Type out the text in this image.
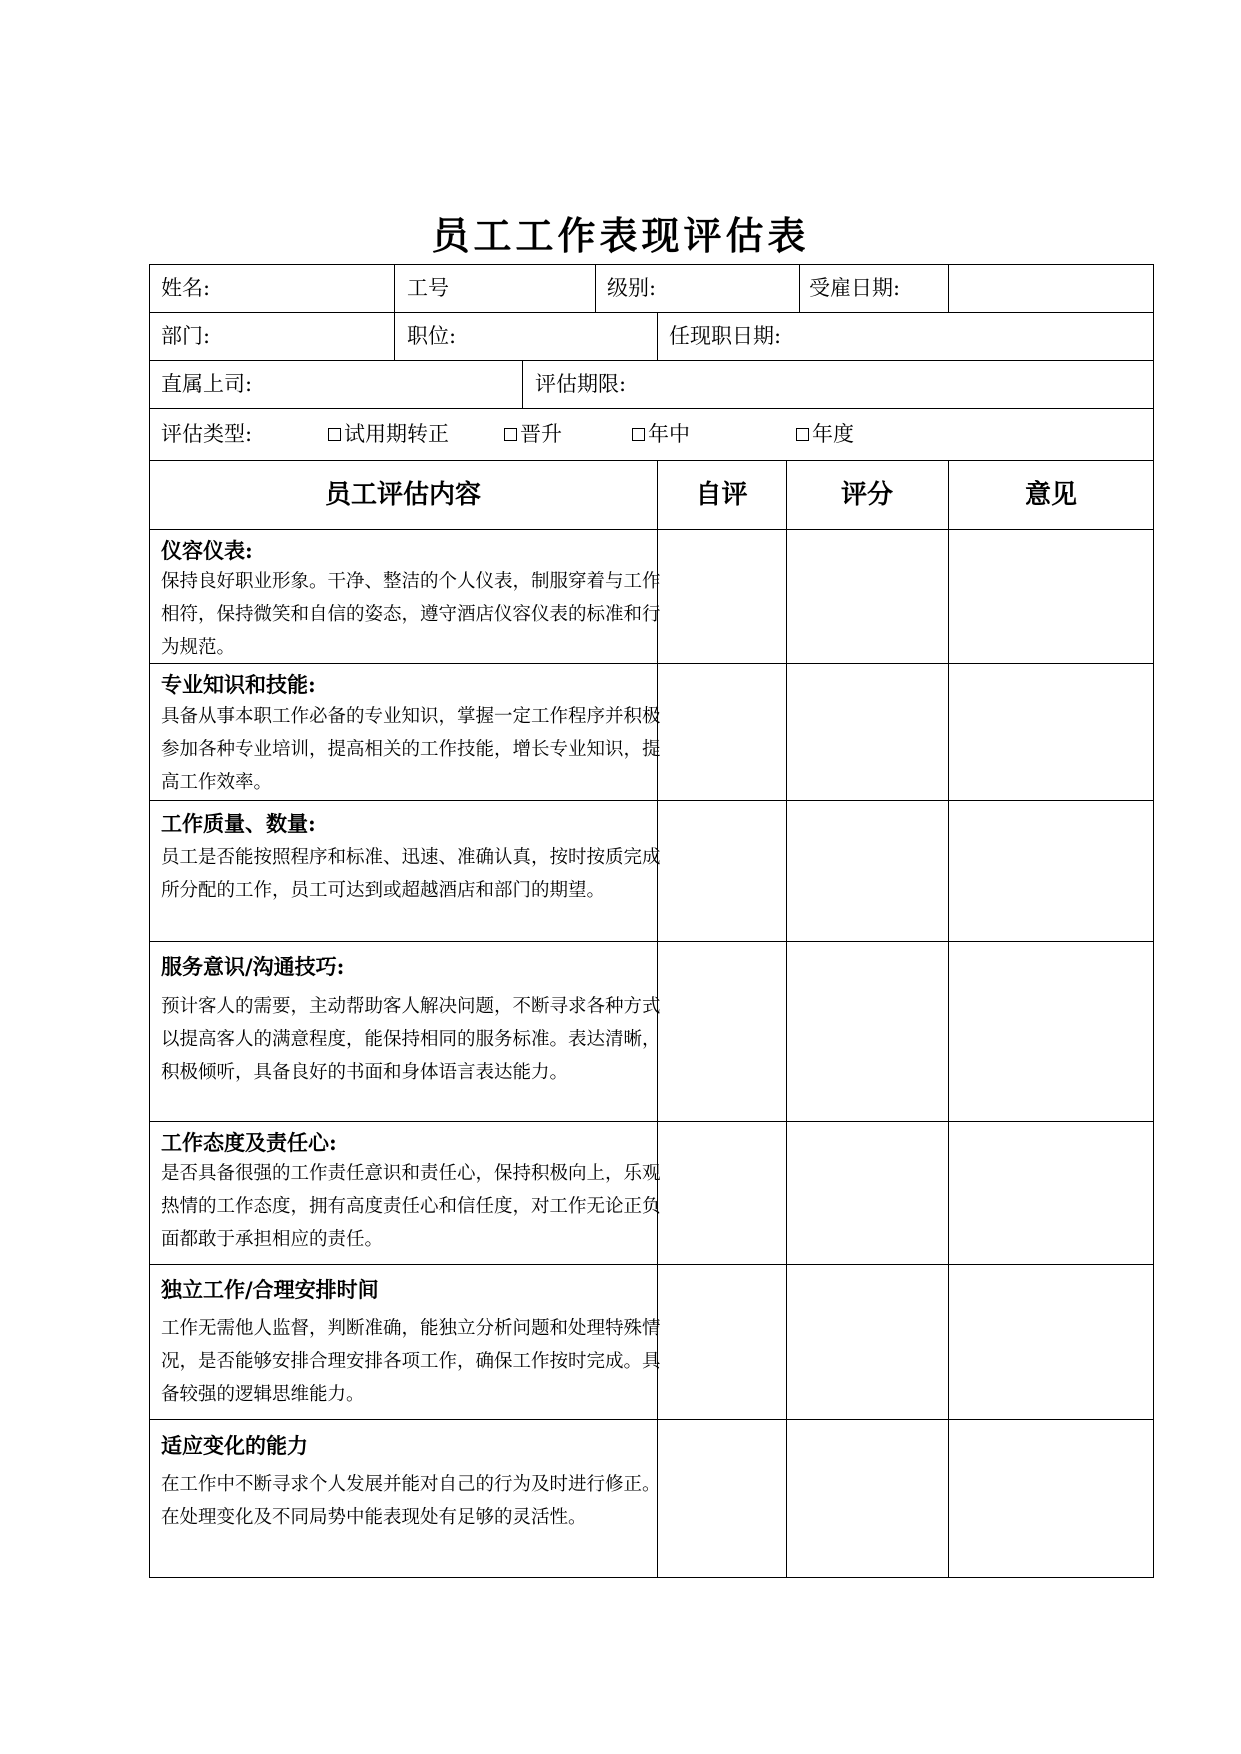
员工工作表现评估表
姓名:	工号	级别:	受雇日期:
部门:	职位:	任现职日期:
直属上司:	评估期限:
评估类型:	试用期转正	晋升	年中	年度
员工评估内容	自评	评分	意见
仪容仪表:
保持良好职业形象。干净、整洁的个人仪表，制服穿着与工作相符，保持微笑和自信的姿态，遵守酒店仪容仪表的标准和行为规范。
专业知识和技能:
具备从事本职工作必备的专业知识，掌握一定工作程序并积极参加各种专业培训，提高相关的工作技能，增长专业知识，提高工作效率。
工作质量、数量:
员工是否能按照程序和标准、迅速、准确认真，按时按质完成所分配的工作，员工可达到或超越酒店和部门的期望。
服务意识/沟通技巧:
预计客人的需要，主动帮助客人解决问题，不断寻求各种方式以提高客人的满意程度，能保持相同的服务标准。表达清晰，积极倾听，具备良好的书面和身体语言表达能力。
工作态度及责任心:
是否具备很强的工作责任意识和责任心，保持积极向上，乐观热情的工作态度，拥有高度责任心和信任度，对工作无论正负面都敢于承担相应的责任。
独立工作/合理安排时间
工作无需他人监督，判断准确，能独立分析问题和处理特殊情况，是否能够安排合理安排各项工作，确保工作按时完成。具备较强的逻辑思维能力。
适应变化的能力
在工作中不断寻求个人发展并能对自己的行为及时进行修正。在处理变化及不同局势中能表现处有足够的灵活性。
